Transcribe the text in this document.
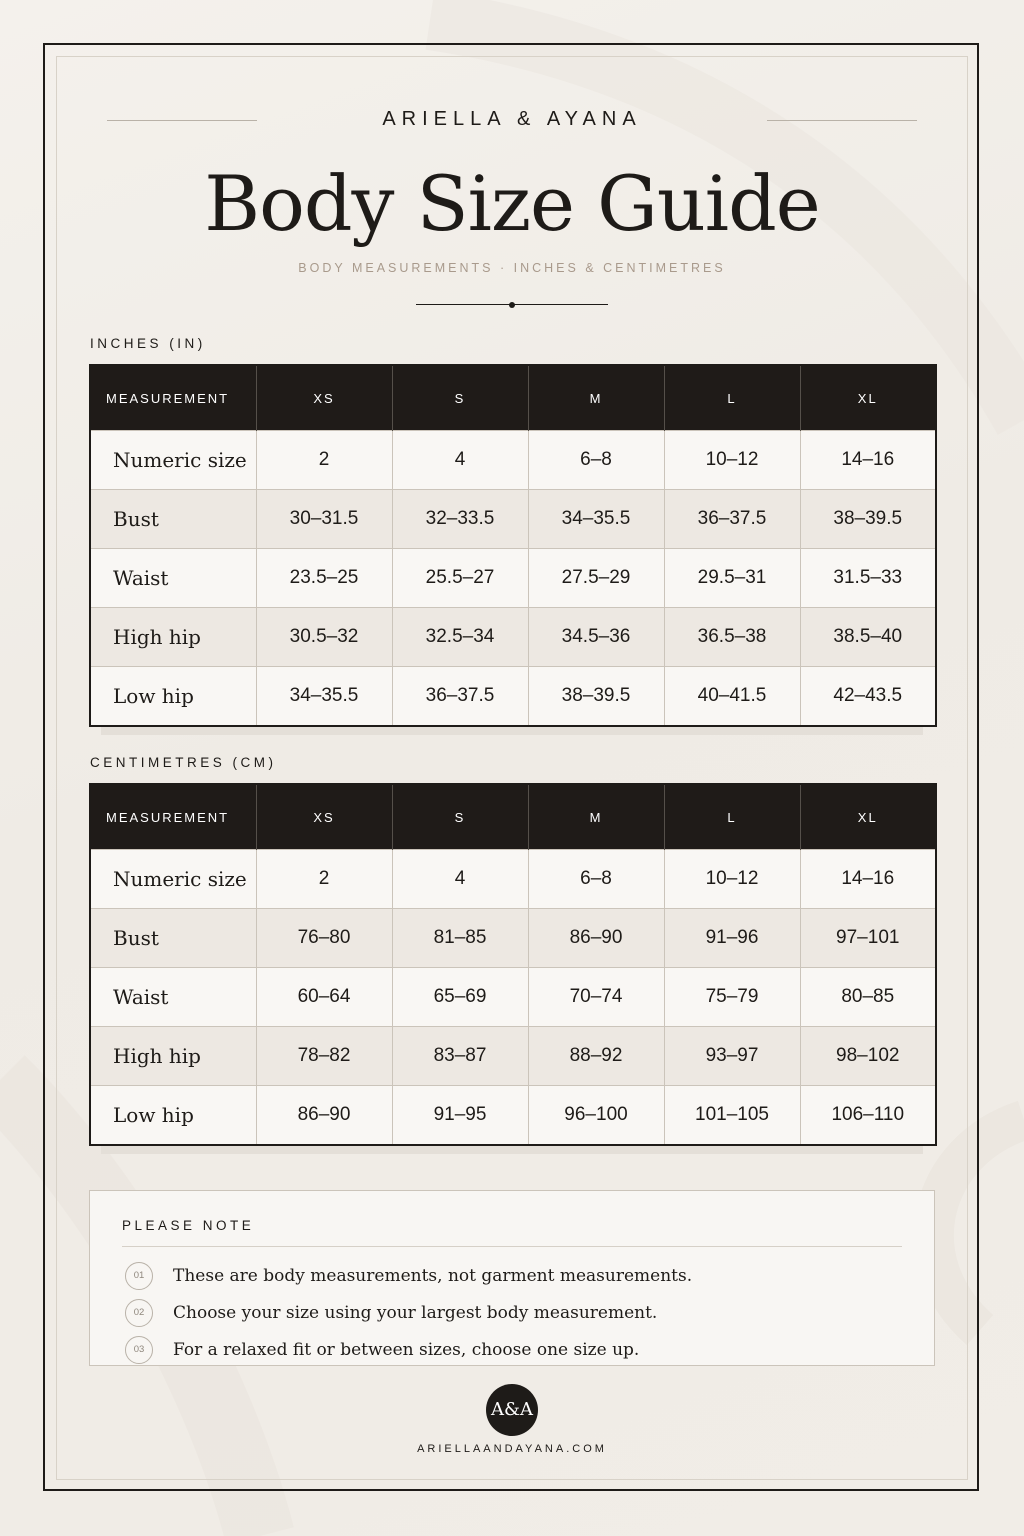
ARIELLA & AYANA
Body Size Guide
BODY MEASUREMENTS · INCHES & CENTIMETRES
INCHES (IN)
MEASUREMENT	XS	S	M	L	XL
Numeric size	2	4	6–8	10–12	14–16
Bust	30–31.5	32–33.5	34–35.5	36–37.5	38–39.5
Waist	23.5–25	25.5–27	27.5–29	29.5–31	31.5–33
High hip	30.5–32	32.5–34	34.5–36	36.5–38	38.5–40
Low hip	34–35.5	36–37.5	38–39.5	40–41.5	42–43.5
CENTIMETRES (CM)
MEASUREMENT	XS	S	M	L	XL
Numeric size	2	4	6–8	10–12	14–16
Bust	76–80	81–85	86–90	91–96	97–101
Waist	60–64	65–69	70–74	75–79	80–85
High hip	78–82	83–87	88–92	93–97	98–102
Low hip	86–90	91–95	96–100	101–105	106–110
PLEASE NOTE
01	These are body measurements, not garment measurements.
02	Choose your size using your largest body measurement.
03	For a relaxed fit or between sizes, choose one size up.
A&A
ARIELLAANDAYANA.COM
